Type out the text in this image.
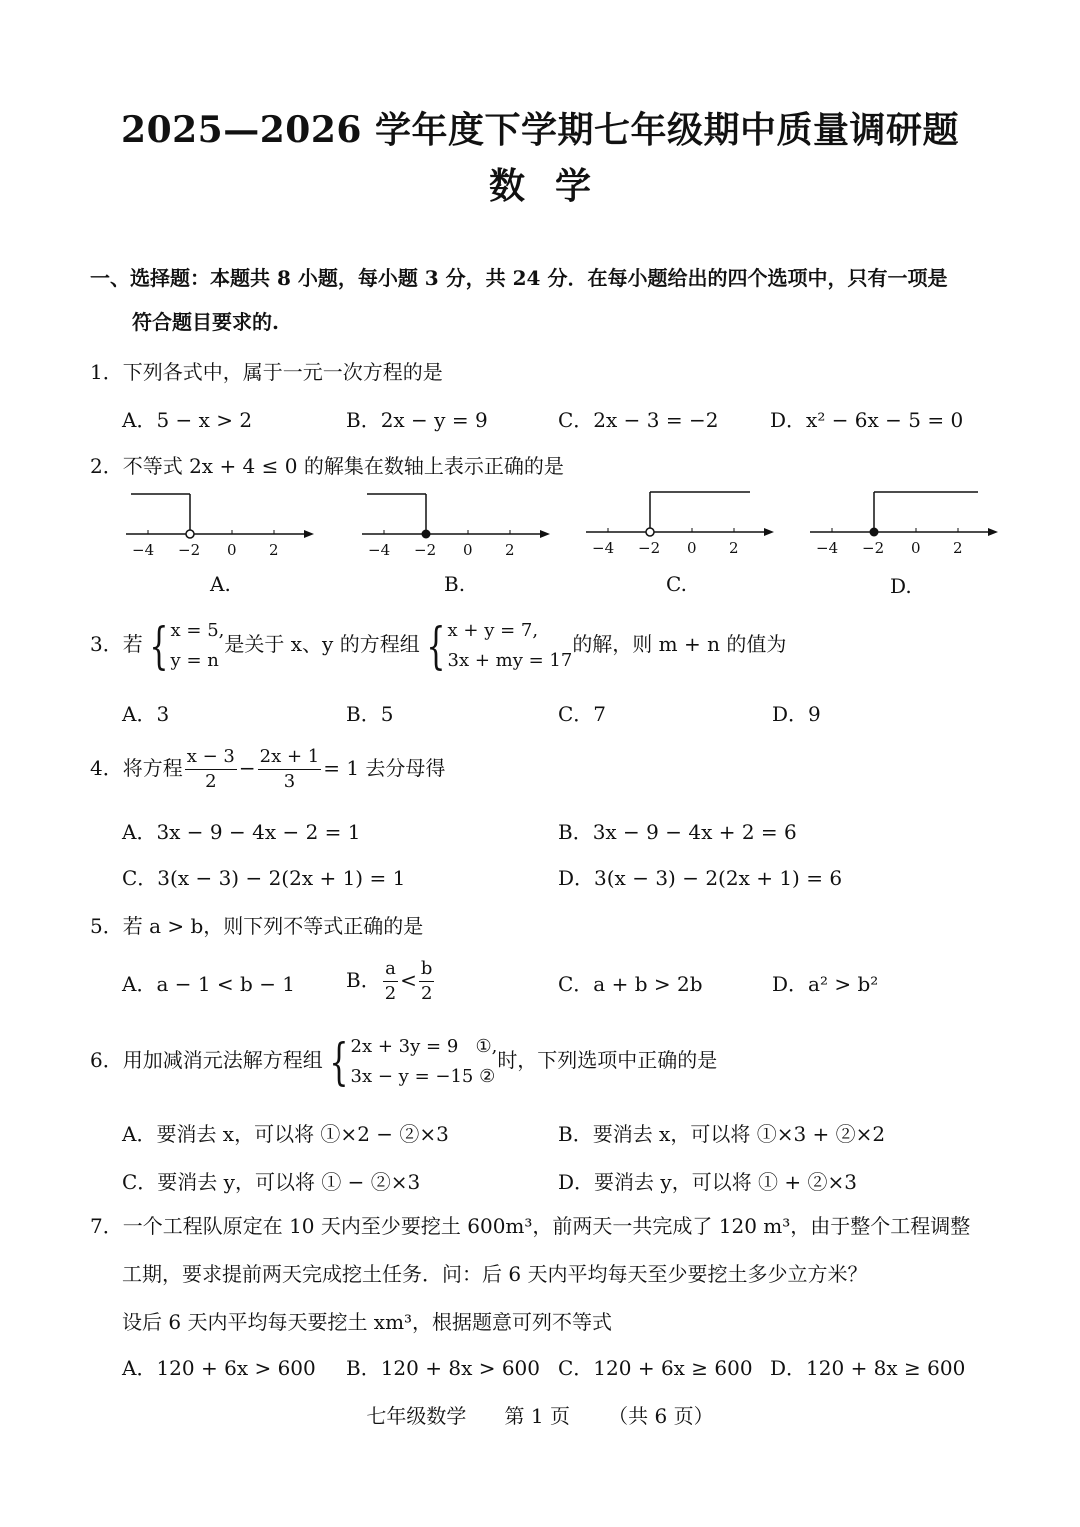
2025—2026 学年度下学期七年级期中质量调研题
数学
一、选择题：本题共 8 小题，每小题 3 分，共 24 分．在每小题给出的四个选项中，只有一项是
符合题目要求的.
1．下列各式中，属于一元一次方程的是
A．5 − x > 2	B．2x − y = 9	C．2x − 3 = −2	D．x² − 6x − 5 = 0
2．不等式 2x + 4 ≤ 0 的解集在数轴上表示正确的是
−4 −2 0 2
A.
−4 −2 0 2
B.
−4 −2 0 2
C.
−4 −2 0 2
D.
3．若 { x = 5,
y = n
是关于 x、y 的方程组 { x + y = 7,
3x + my = 17
的解，则 m + n 的值为
A．3	B．5	C．7	D．9
4．将方程 $\frac{x - 3}{2} - \frac{2x + 1}{3} = 1$ 去分母得
A．3x − 9 − 4x − 2 = 1	B．3x − 9 − 4x + 2 = 6
C．3(x − 3) − 2(2x + 1) = 1	D．3(x − 3) − 2(2x + 1) = 6
5．若 a > b，则下列不等式正确的是
A．a − 1 < b − 1	B． $\frac{a}{2} < \frac{b}{2}$	C．a + b > 2b	D．a² > b²
6．用加减消元法解方程组 { 2x + 3y = 9   ①,
3x − y = −15 ②
时，下列选项中正确的是
A．要消去 x，可以将 ①×2 − ②×3	B．要消去 x，可以将 ①×3 + ②×2
C．要消去 y，可以将 ① − ②×3	D．要消去 y，可以将 ① + ②×3
7．一个工程队原定在 10 天内至少要挖土 600m³，前两天一共完成了 120 m³，由于整个工程调整
工期，要求提前两天完成挖土任务．问：后 6 天内平均每天至少要挖土多少立方米？
设后 6 天内平均每天要挖土 xm³，根据题意可列不等式
A．120 + 6x > 600 B．120 + 8x > 600 C．120 + 6x ≥ 600 D．120 + 8x ≥ 600
七年级数学      第 1 页      （共 6 页）
